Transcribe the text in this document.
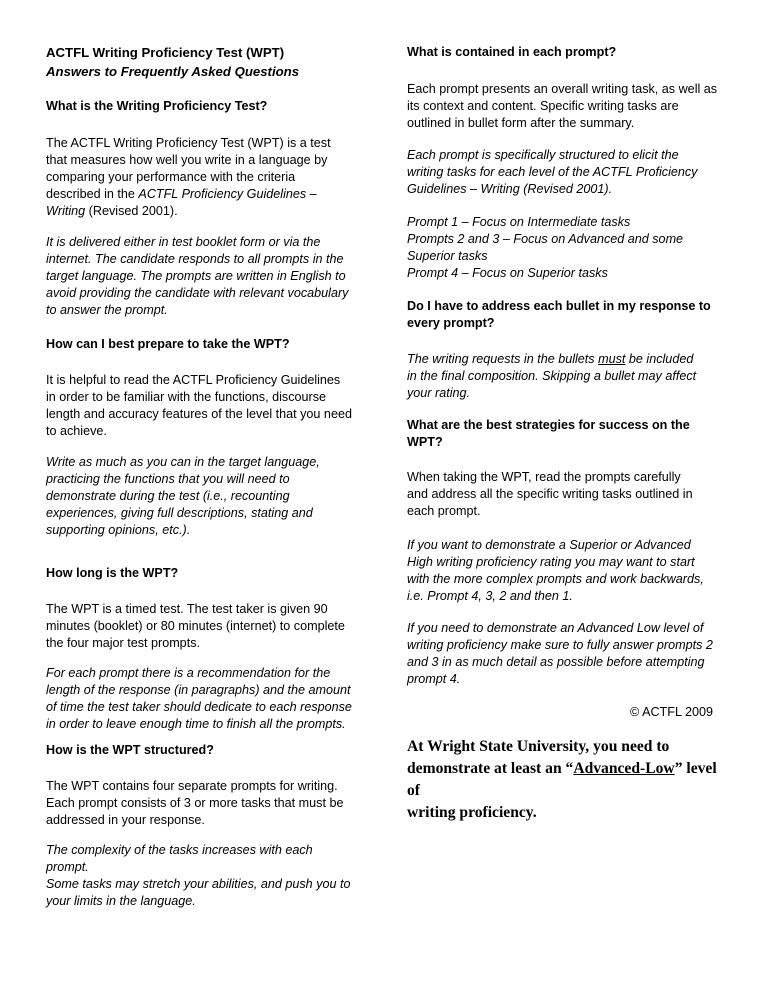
ACTFL Writing Proficiency Test (WPT)
Answers to Frequently Asked Questions
What is the Writing Proficiency Test?

The ACTFL Writing Proficiency Test (WPT) is a test
that measures how well you write in a language by
comparing your performance with the criteria
described in the ACTFL Proficiency Guidelines –
Writing (Revised 2001).

It is delivered either in test booklet form or via the
internet. The candidate responds to all prompts in the
target language. The prompts are written in English to
avoid providing the candidate with relevant vocabulary
to answer the prompt.

How can I best prepare to take the WPT?

It is helpful to read the ACTFL Proficiency Guidelines
in order to be familiar with the functions, discourse
length and accuracy features of the level that you need
to achieve.

Write as much as you can in the target language,
practicing the functions that you will need to
demonstrate during the test (i.e., recounting
experiences, giving full descriptions, stating and
supporting opinions, etc.).

How long is the WPT?

The WPT is a timed test. The test taker is given 90
minutes (booklet) or 80 minutes (internet) to complete
the four major test prompts.

For each prompt there is a recommendation for the
length of the response (in paragraphs) and the amount
of time the test taker should dedicate to each response
in order to leave enough time to finish all the prompts.

How is the WPT structured?

The WPT contains four separate prompts for writing.
Each prompt consists of 3 or more tasks that must be
addressed in your response.

The complexity of the tasks increases with each prompt.
Some tasks may stretch your abilities, and push you to
your limits in the language.

What is contained in each prompt?

Each prompt presents an overall writing task, as well as
its context and content. Specific writing tasks are
outlined in bullet form after the summary.

Each prompt is specifically structured to elicit the
writing tasks for each level of the ACTFL Proficiency
Guidelines – Writing (Revised 2001).

Prompt 1 – Focus on Intermediate tasks
Prompts 2 and 3 – Focus on Advanced and some
Superior tasks
Prompt 4 – Focus on Superior tasks

Do I have to address each bullet in my response to
every prompt?

The writing requests in the bullets must be included
in the final composition. Skipping a bullet may affect
your rating.

What are the best strategies for success on the
WPT?

When taking the WPT, read the prompts carefully
and address all the specific writing tasks outlined in
each prompt.

If you want to demonstrate a Superior or Advanced
High writing proficiency rating you may want to start
with the more complex prompts and work backwards,
i.e. Prompt 4, 3, 2 and then 1.

If you need to demonstrate an Advanced Low level of
writing proficiency make sure to fully answer prompts 2
and 3 in as much detail as possible before attempting
prompt 4.

© ACTFL 2009

At Wright State University, you need to
demonstrate at least an “Advanced-Low” level of
writing proficiency.
